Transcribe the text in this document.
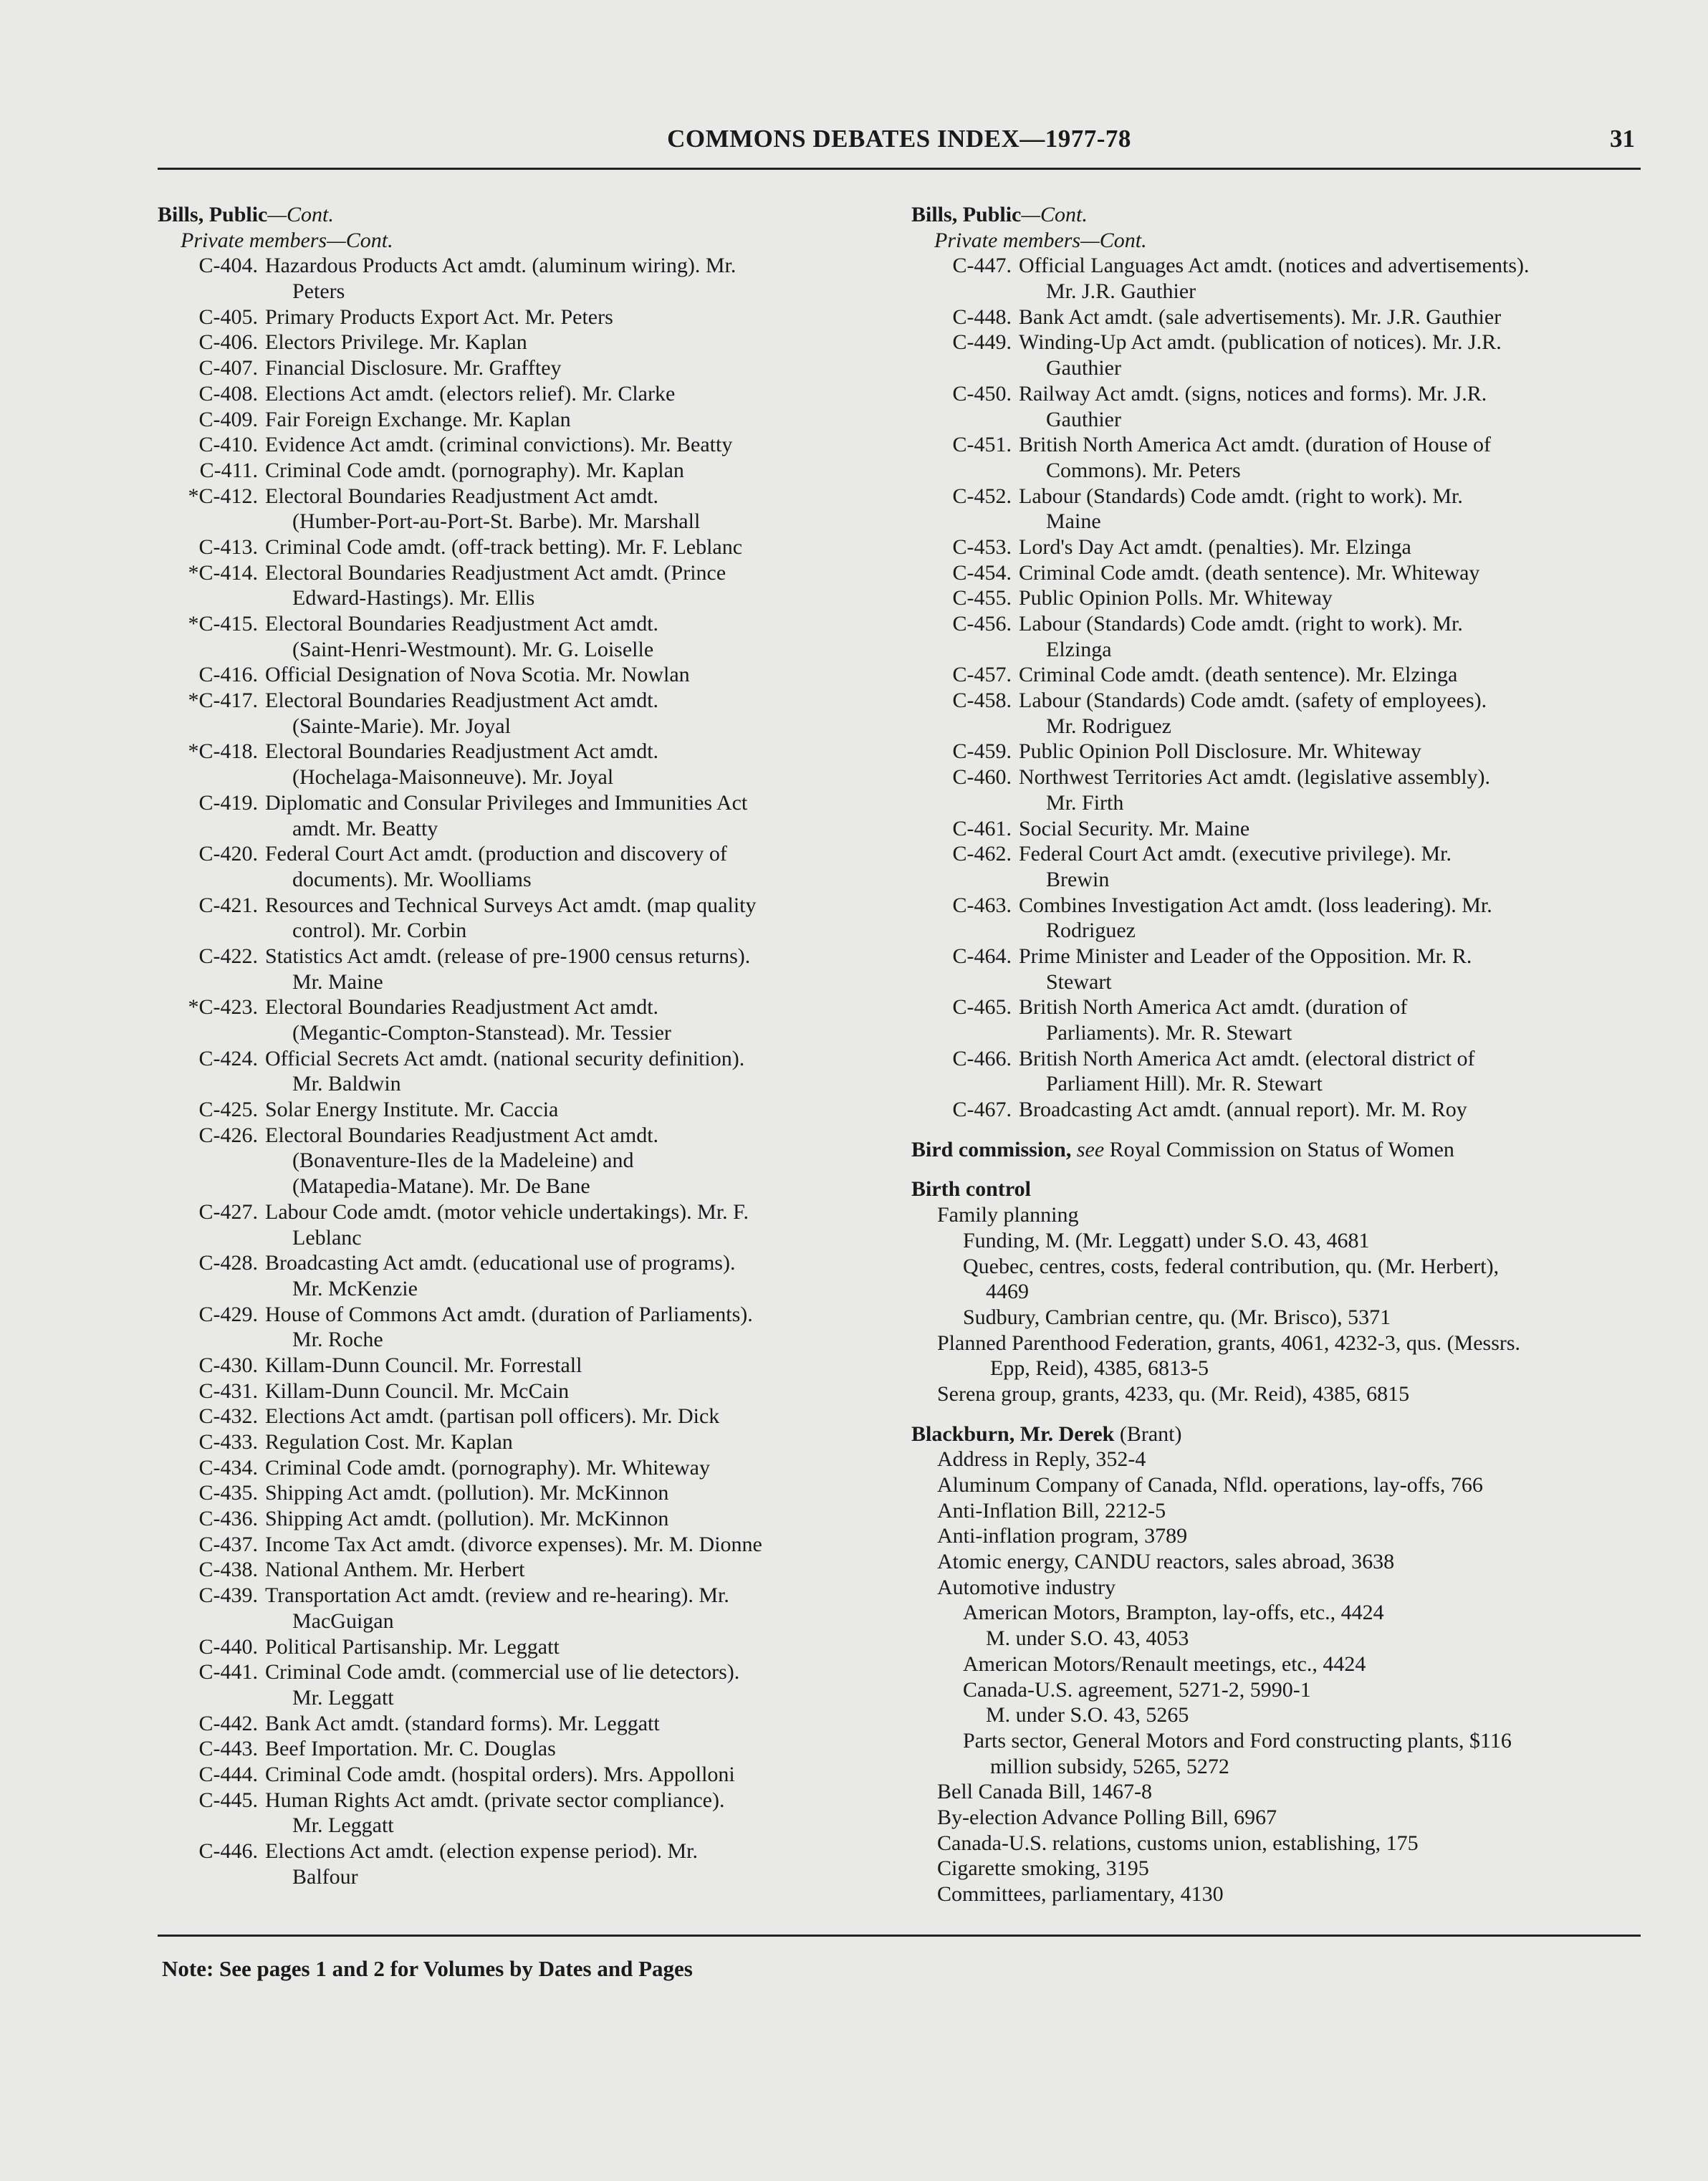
COMMONS DEBATES INDEX—1977-78	31
Bills, Public—Cont.
Private members—Cont.
C-404. Hazardous Products Act amdt. (aluminum wiring). Mr.
Peters
C-405. Primary Products Export Act. Mr. Peters
C-406. Electors Privilege. Mr. Kaplan
C-407. Financial Disclosure. Mr. Grafftey
C-408. Elections Act amdt. (electors relief). Mr. Clarke
C-409. Fair Foreign Exchange. Mr. Kaplan
C-410. Evidence Act amdt. (criminal convictions). Mr. Beatty
C-411. Criminal Code amdt. (pornography). Mr. Kaplan
*C-412. Electoral Boundaries Readjustment Act amdt.
(Humber-Port-au-Port-St. Barbe). Mr. Marshall
C-413. Criminal Code amdt. (off-track betting). Mr. F. Leblanc
*C-414. Electoral Boundaries Readjustment Act amdt. (Prince
Edward-Hastings). Mr. Ellis
*C-415. Electoral Boundaries Readjustment Act amdt.
(Saint-Henri-Westmount). Mr. G. Loiselle
C-416. Official Designation of Nova Scotia. Mr. Nowlan
*C-417. Electoral Boundaries Readjustment Act amdt.
(Sainte-Marie). Mr. Joyal
*C-418. Electoral Boundaries Readjustment Act amdt.
(Hochelaga-Maisonneuve). Mr. Joyal
C-419. Diplomatic and Consular Privileges and Immunities Act
amdt. Mr. Beatty
C-420. Federal Court Act amdt. (production and discovery of
documents). Mr. Woolliams
C-421. Resources and Technical Surveys Act amdt. (map quality
control). Mr. Corbin
C-422. Statistics Act amdt. (release of pre-1900 census returns).
Mr. Maine
*C-423. Electoral Boundaries Readjustment Act amdt.
(Megantic-Compton-Stanstead). Mr. Tessier
C-424. Official Secrets Act amdt. (national security definition).
Mr. Baldwin
C-425. Solar Energy Institute. Mr. Caccia
C-426. Electoral Boundaries Readjustment Act amdt.
(Bonaventure-Iles de la Madeleine) and
(Matapedia-Matane). Mr. De Bane
C-427. Labour Code amdt. (motor vehicle undertakings). Mr. F.
Leblanc
C-428. Broadcasting Act amdt. (educational use of programs).
Mr. McKenzie
C-429. House of Commons Act amdt. (duration of Parliaments).
Mr. Roche
C-430. Killam-Dunn Council. Mr. Forrestall
C-431. Killam-Dunn Council. Mr. McCain
C-432. Elections Act amdt. (partisan poll officers). Mr. Dick
C-433. Regulation Cost. Mr. Kaplan
C-434. Criminal Code amdt. (pornography). Mr. Whiteway
C-435. Shipping Act amdt. (pollution). Mr. McKinnon
C-436. Shipping Act amdt. (pollution). Mr. McKinnon
C-437. Income Tax Act amdt. (divorce expenses). Mr. M. Dionne
C-438. National Anthem. Mr. Herbert
C-439. Transportation Act amdt. (review and re-hearing). Mr.
MacGuigan
C-440. Political Partisanship. Mr. Leggatt
C-441. Criminal Code amdt. (commercial use of lie detectors).
Mr. Leggatt
C-442. Bank Act amdt. (standard forms). Mr. Leggatt
C-443. Beef Importation. Mr. C. Douglas
C-444. Criminal Code amdt. (hospital orders). Mrs. Appolloni
C-445. Human Rights Act amdt. (private sector compliance).
Mr. Leggatt
C-446. Elections Act amdt. (election expense period). Mr.
Balfour
Bills, Public—Cont.
Private members—Cont.
C-447. Official Languages Act amdt. (notices and advertisements).
Mr. J.R. Gauthier
C-448. Bank Act amdt. (sale advertisements). Mr. J.R. Gauthier
C-449. Winding-Up Act amdt. (publication of notices). Mr. J.R.
Gauthier
C-450. Railway Act amdt. (signs, notices and forms). Mr. J.R.
Gauthier
C-451. British North America Act amdt. (duration of House of
Commons). Mr. Peters
C-452. Labour (Standards) Code amdt. (right to work). Mr.
Maine
C-453. Lord's Day Act amdt. (penalties). Mr. Elzinga
C-454. Criminal Code amdt. (death sentence). Mr. Whiteway
C-455. Public Opinion Polls. Mr. Whiteway
C-456. Labour (Standards) Code amdt. (right to work). Mr.
Elzinga
C-457. Criminal Code amdt. (death sentence). Mr. Elzinga
C-458. Labour (Standards) Code amdt. (safety of employees).
Mr. Rodriguez
C-459. Public Opinion Poll Disclosure. Mr. Whiteway
C-460. Northwest Territories Act amdt. (legislative assembly).
Mr. Firth
C-461. Social Security. Mr. Maine
C-462. Federal Court Act amdt. (executive privilege). Mr.
Brewin
C-463. Combines Investigation Act amdt. (loss leadering). Mr.
Rodriguez
C-464. Prime Minister and Leader of the Opposition. Mr. R.
Stewart
C-465. British North America Act amdt. (duration of
Parliaments). Mr. R. Stewart
C-466. British North America Act amdt. (electoral district of
Parliament Hill). Mr. R. Stewart
C-467. Broadcasting Act amdt. (annual report). Mr. M. Roy
Bird commission, see Royal Commission on Status of Women
Birth control
Family planning
Funding, M. (Mr. Leggatt) under S.O. 43, 4681
Quebec, centres, costs, federal contribution, qu. (Mr. Herbert),
4469
Sudbury, Cambrian centre, qu. (Mr. Brisco), 5371
Planned Parenthood Federation, grants, 4061, 4232-3, qus. (Messrs.
Epp, Reid), 4385, 6813-5
Serena group, grants, 4233, qu. (Mr. Reid), 4385, 6815
Blackburn, Mr. Derek (Brant)
Address in Reply, 352-4
Aluminum Company of Canada, Nfld. operations, lay-offs, 766
Anti-Inflation Bill, 2212-5
Anti-inflation program, 3789
Atomic energy, CANDU reactors, sales abroad, 3638
Automotive industry
American Motors, Brampton, lay-offs, etc., 4424
M. under S.O. 43, 4053
American Motors/Renault meetings, etc., 4424
Canada-U.S. agreement, 5271-2, 5990-1
M. under S.O. 43, 5265
Parts sector, General Motors and Ford constructing plants, $116
million subsidy, 5265, 5272
Bell Canada Bill, 1467-8
By-election Advance Polling Bill, 6967
Canada-U.S. relations, customs union, establishing, 175
Cigarette smoking, 3195
Committees, parliamentary, 4130
Note: See pages 1 and 2 for Volumes by Dates and Pages
